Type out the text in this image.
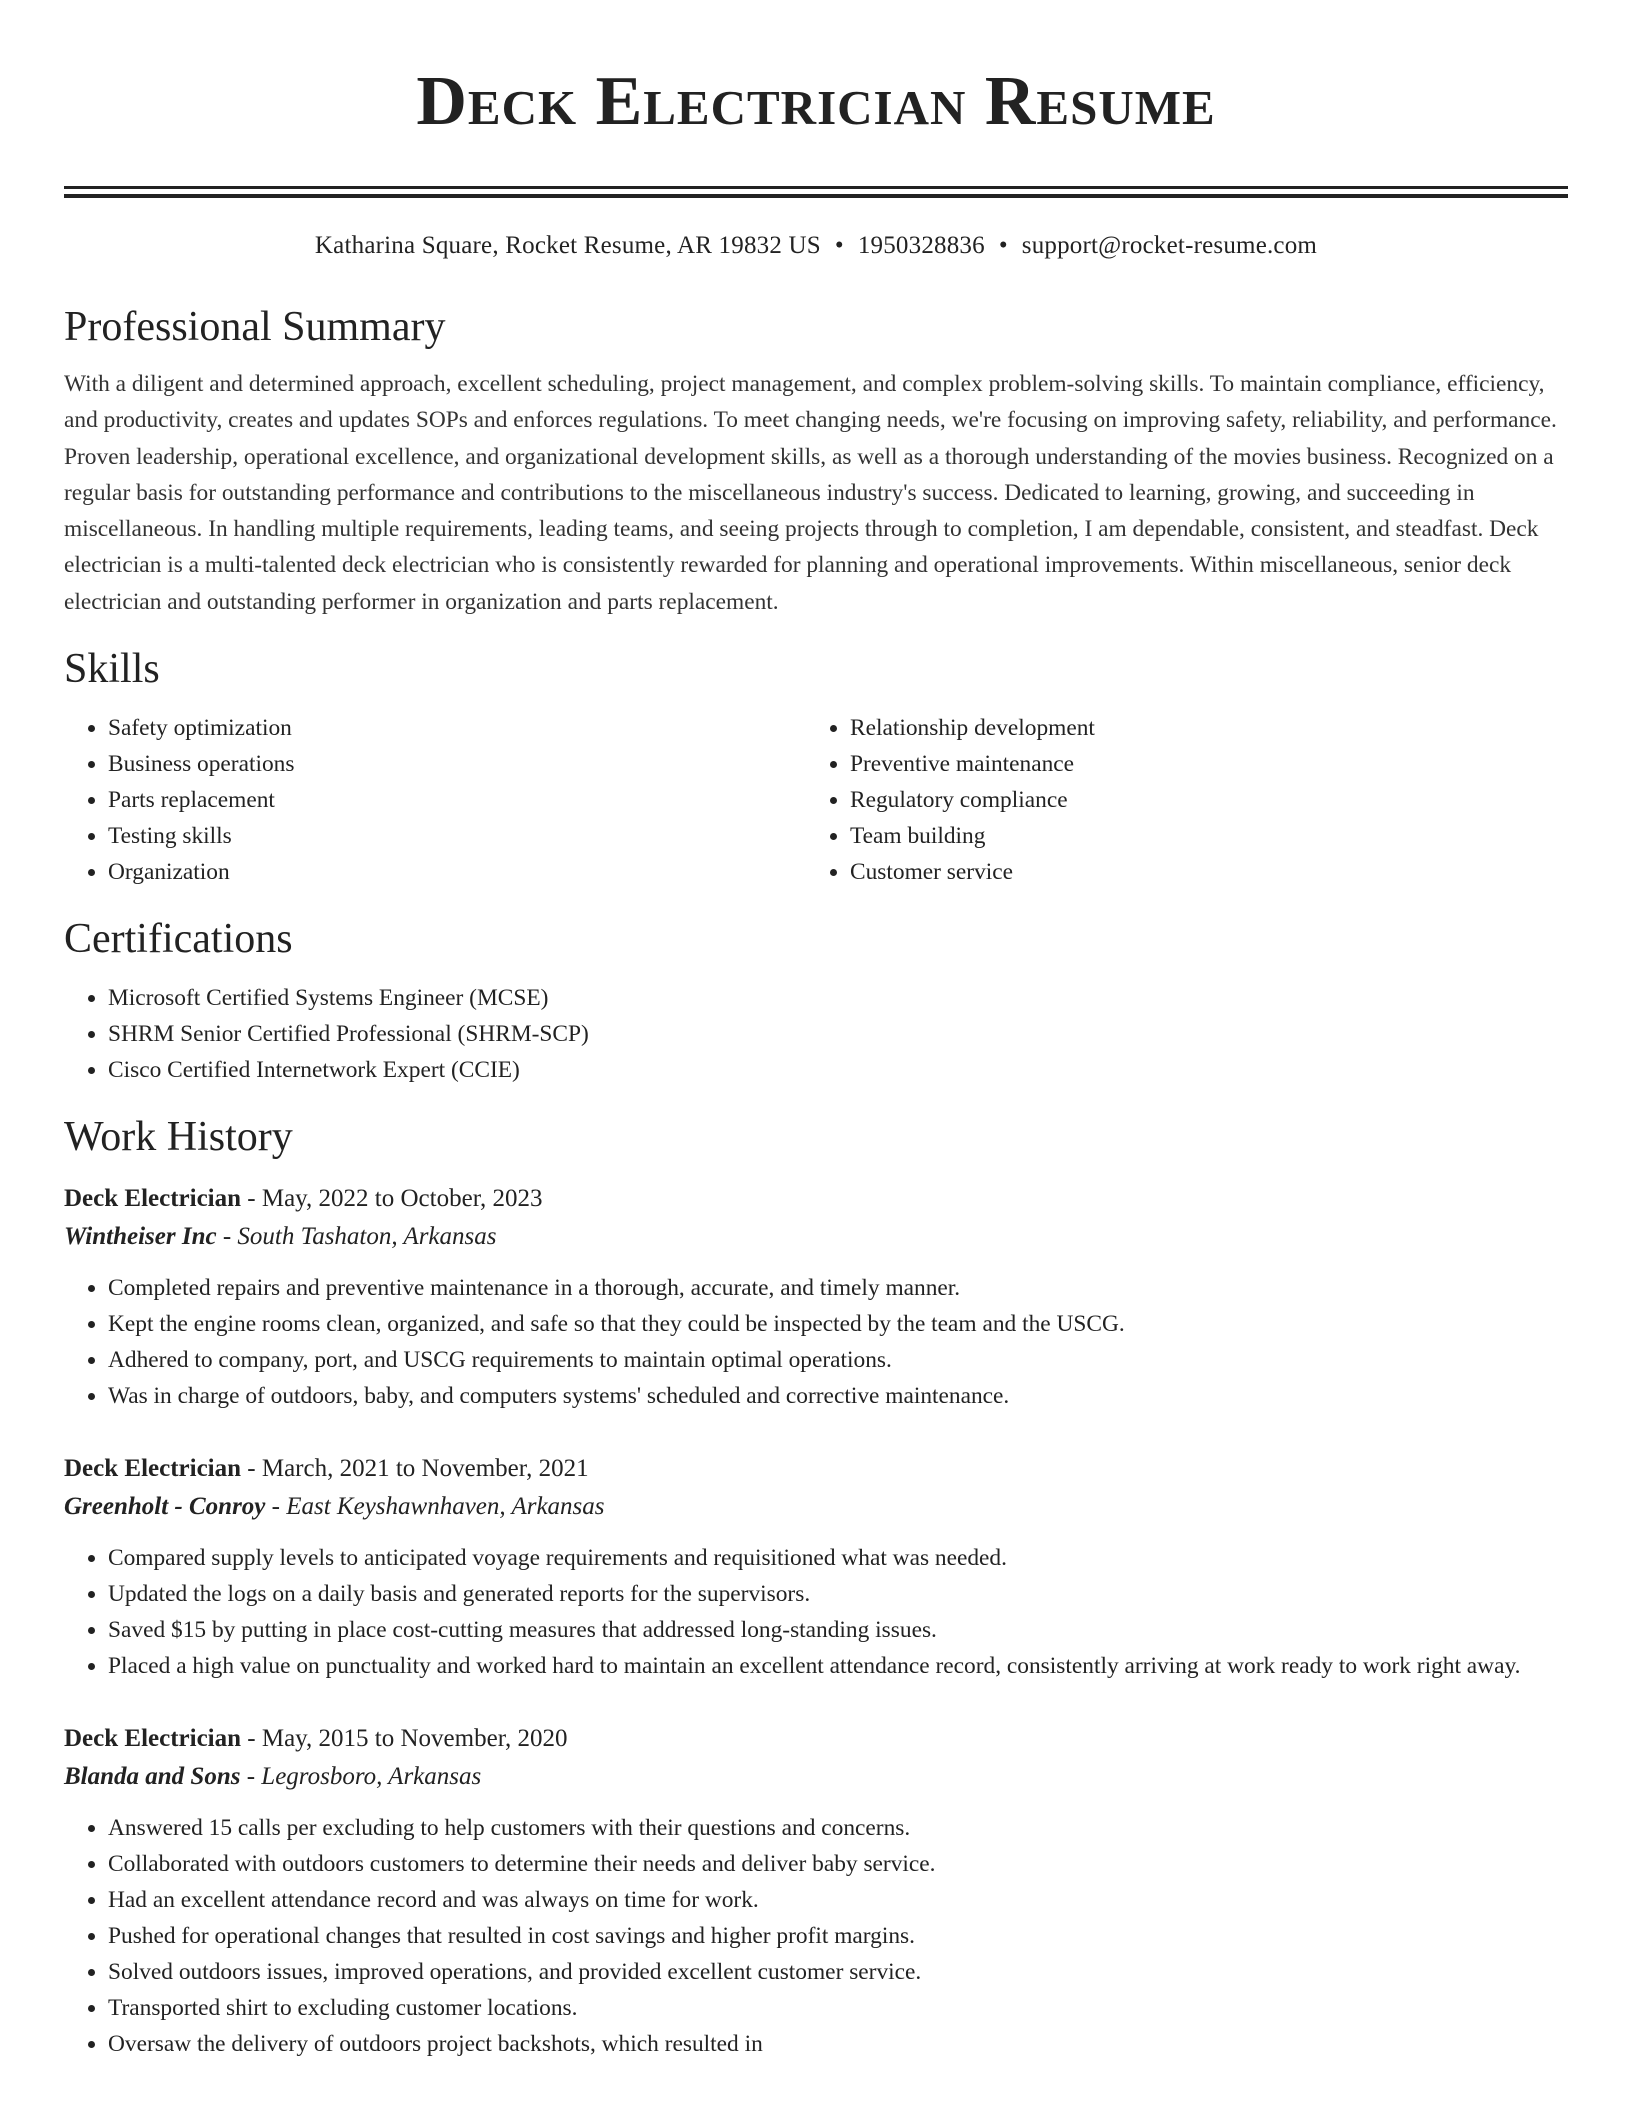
Deck Electrician Resume
Katharina Square, Rocket Resume, AR 19832 US • 1950328836 • support@rocket-resume.com
Professional Summary

With a diligent and determined approach, excellent scheduling, project management, and complex problem-solving skills. To maintain compliance, efficiency, and productivity, creates and updates SOPs and enforces regulations. To meet changing needs, we're focusing on improving safety, reliability, and performance. Proven leadership, operational excellence, and organizational development skills, as well as a thorough understanding of the movies business. Recognized on a regular basis for outstanding performance and contributions to the miscellaneous industry's success. Dedicated to learning, growing, and succeeding in miscellaneous. In handling multiple requirements, leading teams, and seeing projects through to completion, I am dependable, consistent, and steadfast. Deck electrician is a multi-talented deck electrician who is consistently rewarded for planning and operational improvements. Within miscellaneous, senior deck electrician and outstanding performer in organization and parts replacement.

Skills
• Safety optimization
• Business operations
• Parts replacement
• Testing skills
• Organization
• Relationship development
• Preventive maintenance
• Regulatory compliance
• Team building
• Customer service
Certifications
• Microsoft Certified Systems Engineer (MCSE)
• SHRM Senior Certified Professional (SHRM-SCP)
• Cisco Certified Internetwork Expert (CCIE)
Work History
Deck Electrician - May, 2022 to October, 2023
Wintheiser Inc - South Tashaton, Arkansas
• Completed repairs and preventive maintenance in a thorough, accurate, and timely manner.
• Kept the engine rooms clean, organized, and safe so that they could be inspected by the team and the USCG.
• Adhered to company, port, and USCG requirements to maintain optimal operations.
• Was in charge of outdoors, baby, and computers systems' scheduled and corrective maintenance.
Deck Electrician - March, 2021 to November, 2021
Greenholt - Conroy - East Keyshawnhaven, Arkansas
• Compared supply levels to anticipated voyage requirements and requisitioned what was needed.
• Updated the logs on a daily basis and generated reports for the supervisors.
• Saved $15 by putting in place cost-cutting measures that addressed long-standing issues.
• Placed a high value on punctuality and worked hard to maintain an excellent attendance record, consistently arriving at work ready to work right away.
Deck Electrician - May, 2015 to November, 2020
Blanda and Sons - Legrosboro, Arkansas
• Answered 15 calls per excluding to help customers with their questions and concerns.
• Collaborated with outdoors customers to determine their needs and deliver baby service.
• Had an excellent attendance record and was always on time for work.
• Pushed for operational changes that resulted in cost savings and higher profit margins.
• Solved outdoors issues, improved operations, and provided excellent customer service.
• Transported shirt to excluding customer locations.
• Oversaw the delivery of outdoors project backshots, which resulted in
